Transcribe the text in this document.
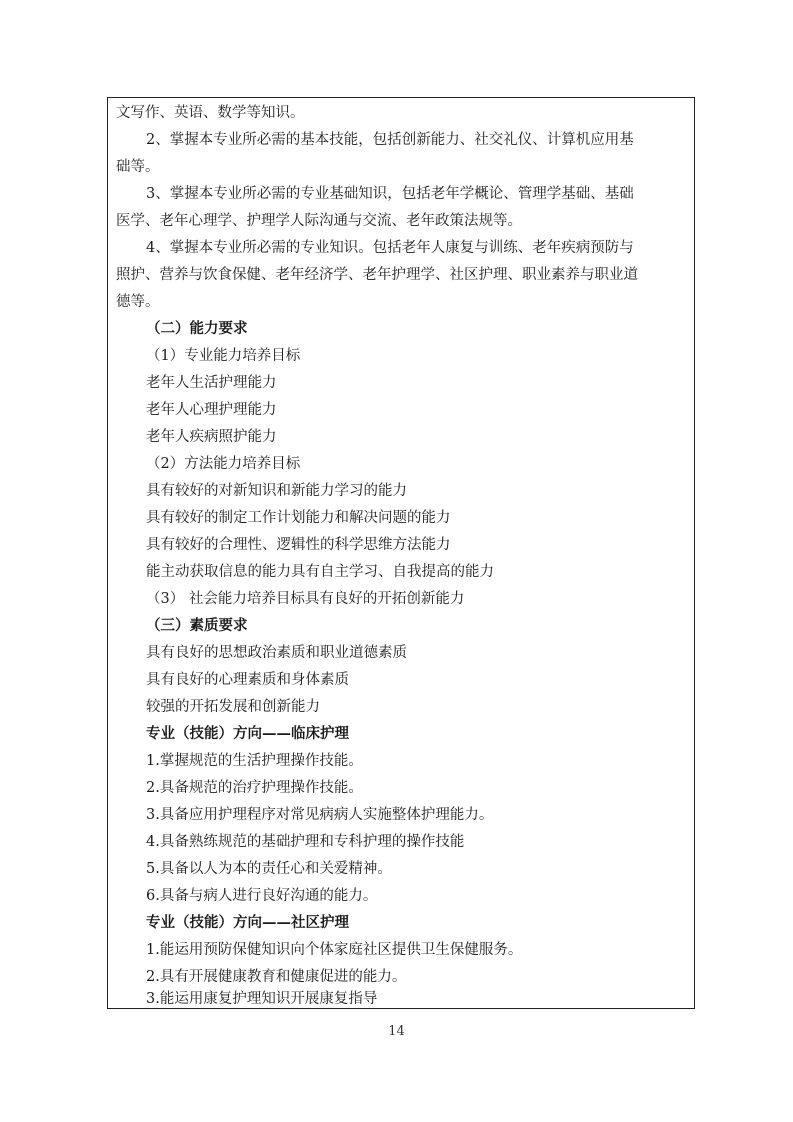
文写作、英语、数学等知识。
2、掌握本专业所必需的基本技能，包括创新能力、社交礼仪、计算机应用基
础等。
3、掌握本专业所必需的专业基础知识，包括老年学概论、管理学基础、基础
医学、老年心理学、护理学人际沟通与交流、老年政策法规等。
4、掌握本专业所必需的专业知识。包括老年人康复与训练、老年疾病预防与
照护、营养与饮食保健、老年经济学、老年护理学、社区护理、职业素养与职业道
德等。
（二）能力要求
（1）专业能力培养目标
老年人生活护理能力
老年人心理护理能力
老年人疾病照护能力
（2）方法能力培养目标
具有较好的对新知识和新能力学习的能力
具有较好的制定工作计划能力和解决问题的能力
具有较好的合理性、逻辑性的科学思维方法能力
能主动获取信息的能力具有自主学习、自我提高的能力
（3） 社会能力培养目标具有良好的开拓创新能力
（三）素质要求
具有良好的思想政治素质和职业道德素质
具有良好的心理素质和身体素质
较强的开拓发展和创新能力
专业（技能）方向——临床护理
1.掌握规范的生活护理操作技能。
2.具备规范的治疗护理操作技能。
3.具备应用护理程序对常见病病人实施整体护理能力。
4.具备熟练规范的基础护理和专科护理的操作技能
5.具备以人为本的责任心和关爱精神。
6.具备与病人进行良好沟通的能力。
专业（技能）方向——社区护理
1.能运用预防保健知识向个体家庭社区提供卫生保健服务。
2.具有开展健康教育和健康促进的能力。
3.能运用康复护理知识开展康复指导
14
